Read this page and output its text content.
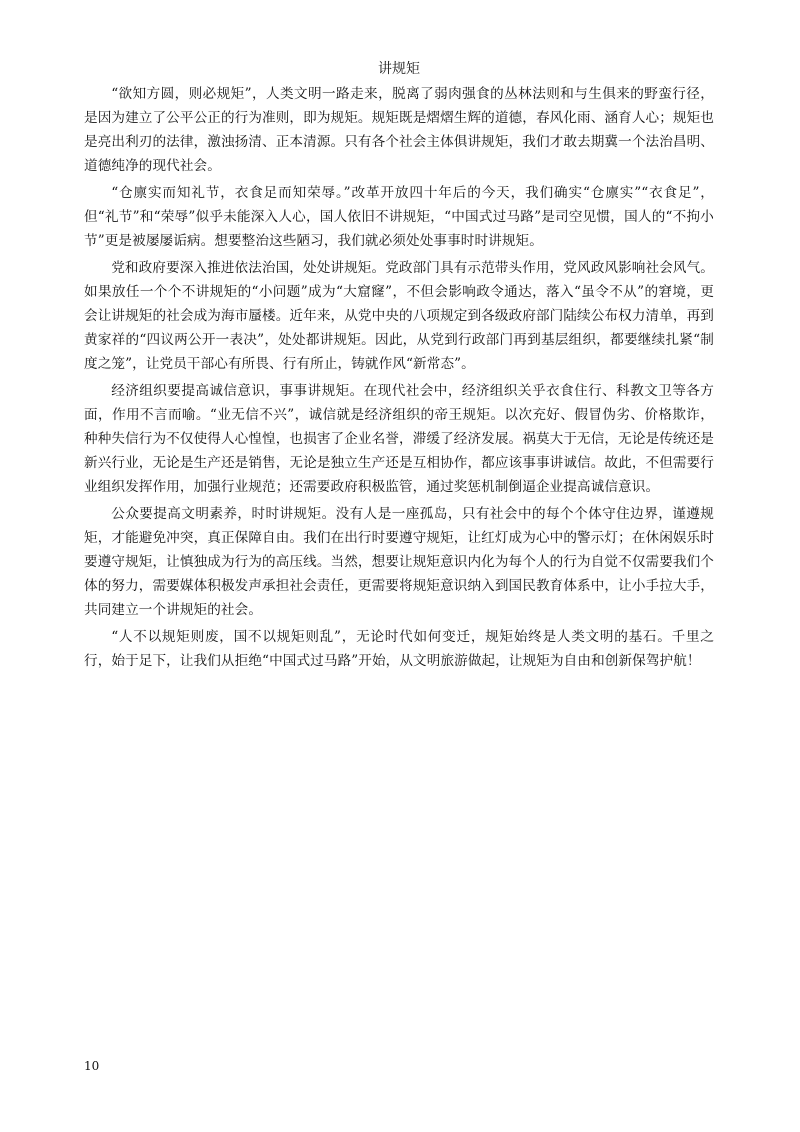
讲规矩

“欲知方圆，则必规矩”，人类文明一路走来，脱离了弱肉强食的丛林法则和与生俱来的野蛮行径，是因为建立了公平公正的行为准则，即为规矩。规矩既是熠熠生辉的道德，春风化雨、涵育人心；规矩也是亮出利刃的法律，激浊扬清、正本清源。只有各个社会主体俱讲规矩，我们才敢去期冀一个法治昌明、道德纯净的现代社会。

“仓廪实而知礼节，衣食足而知荣辱。”改革开放四十年后的今天，我们确实“仓廪实”“衣食足”，但“礼节”和“荣辱”似乎未能深入人心，国人依旧不讲规矩，“中国式过马路”是司空见惯，国人的“不拘小节”更是被屡屡诟病。想要整治这些陋习，我们就必须处处事事时时讲规矩。

党和政府要深入推进依法治国，处处讲规矩。党政部门具有示范带头作用，党风政风影响社会风气。如果放任一个个不讲规矩的“小问题”成为“大窟窿”，不但会影响政令通达，落入“虽令不从”的窘境，更会让讲规矩的社会成为海市蜃楼。近年来，从党中央的八项规定到各级政府部门陆续公布权力清单，再到黄家祥的“四议两公开一表决”，处处都讲规矩。因此，从党到行政部门再到基层组织，都要继续扎紧“制度之笼”，让党员干部心有所畏、行有所止，铸就作风“新常态”。

经济组织要提高诚信意识，事事讲规矩。在现代社会中，经济组织关乎衣食住行、科教文卫等各方面，作用不言而喻。“业无信不兴”，诚信就是经济组织的帝王规矩。以次充好、假冒伪劣、价格欺诈，种种失信行为不仅使得人心惶惶，也损害了企业名誉，滞缓了经济发展。祸莫大于无信，无论是传统还是新兴行业，无论是生产还是销售，无论是独立生产还是互相协作，都应该事事讲诚信。故此，不但需要行业组织发挥作用，加强行业规范；还需要政府积极监管，通过奖惩机制倒逼企业提高诚信意识。

公众要提高文明素养，时时讲规矩。没有人是一座孤岛，只有社会中的每个个体守住边界，谨遵规矩，才能避免冲突，真正保障自由。我们在出行时要遵守规矩，让红灯成为心中的警示灯；在休闲娱乐时要遵守规矩，让慎独成为行为的高压线。当然，想要让规矩意识内化为每个人的行为自觉不仅需要我们个体的努力，需要媒体积极发声承担社会责任，更需要将规矩意识纳入到国民教育体系中，让小手拉大手，共同建立一个讲规矩的社会。

“人不以规矩则废，国不以规矩则乱”，无论时代如何变迁，规矩始终是人类文明的基石。千里之行，始于足下，让我们从拒绝“中国式过马路”开始，从文明旅游做起，让规矩为自由和创新保驾护航！

10
